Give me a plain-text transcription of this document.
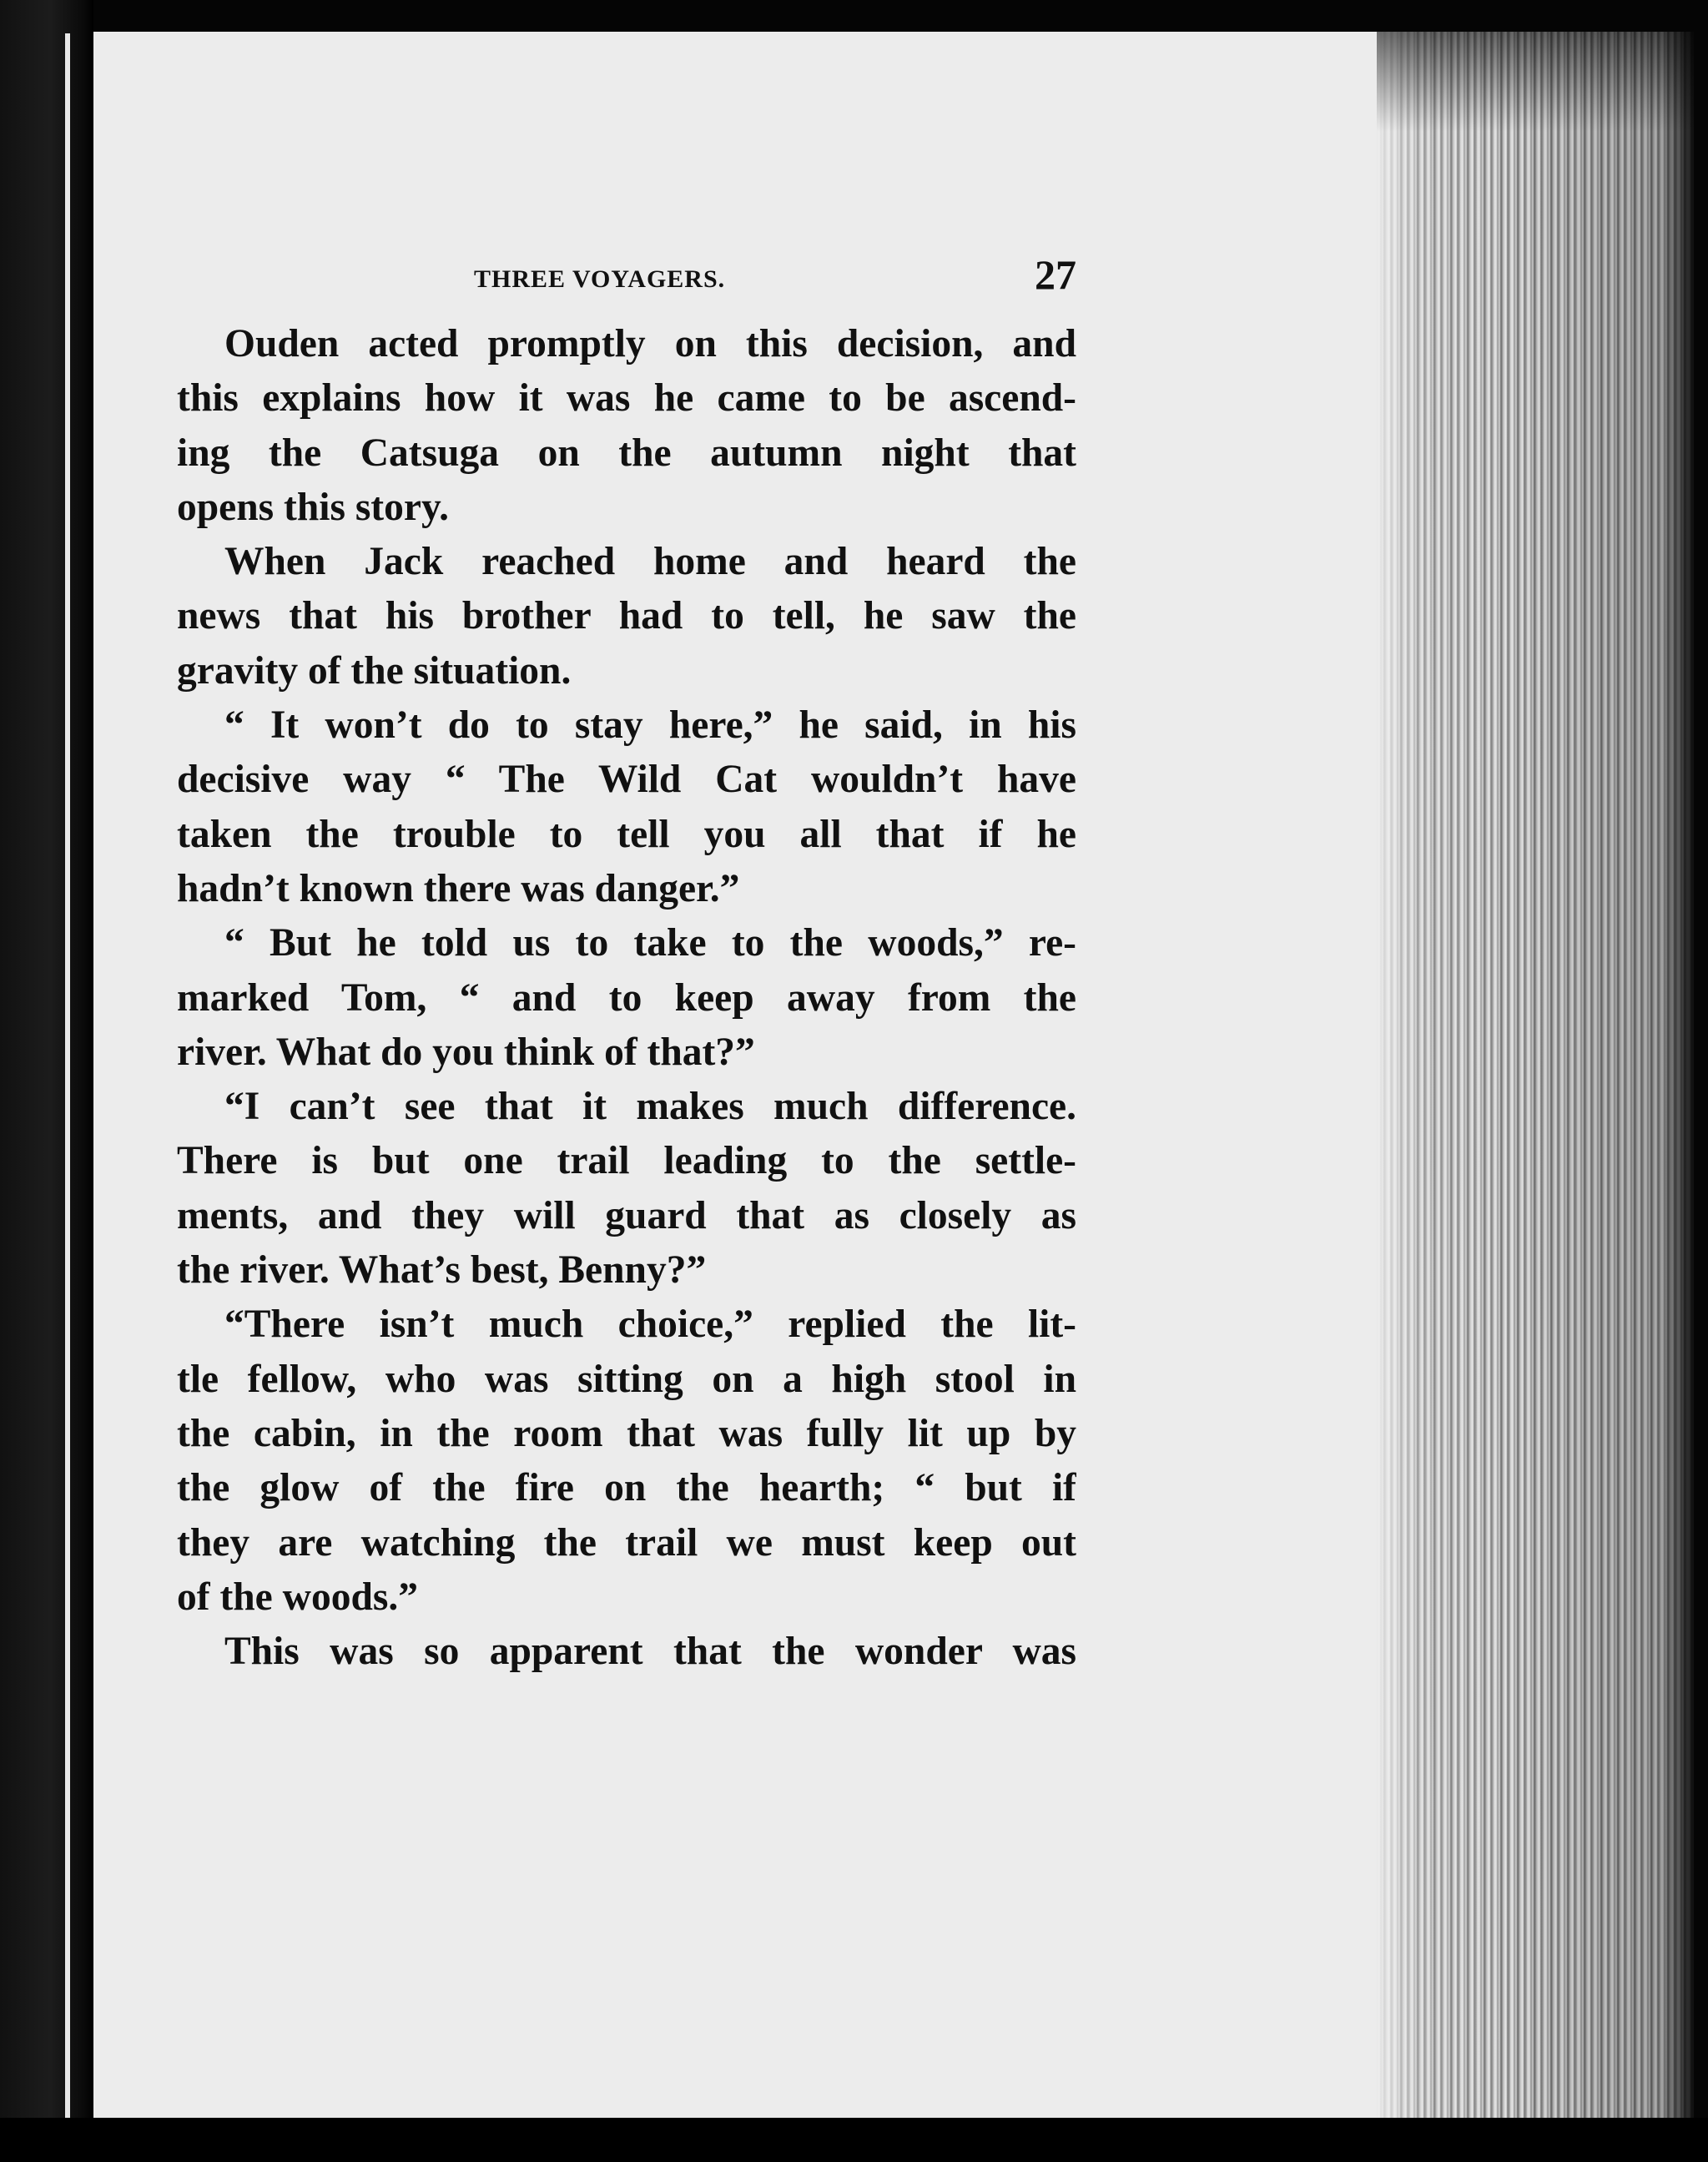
THREE VOYAGERS.	27
Ouden acted promptly on this decision, and
this explains how it was he came to be ascend-
ing the Catsuga on the autumn night that
opens this story.
When Jack reached home and heard the
news that his brother had to tell, he saw the
gravity of the situation.
“ It won’t do to stay here,” he said, in his
decisive way “ The Wild Cat wouldn’t have
taken the trouble to tell you all that if he
hadn’t known there was danger.”
“ But he told us to take to the woods,” re-
marked Tom, “ and to keep away from the
river. What do you think of that?”
“I can’t see that it makes much difference.
There is but one trail leading to the settle-
ments, and they will guard that as closely as
the river. What’s best, Benny?”
“There isn’t much choice,” replied the lit-
tle fellow, who was sitting on a high stool in
the cabin, in the room that was fully lit up by
the glow of the fire on the hearth; “ but if
they are watching the trail we must keep out
of the woods.”
This was so apparent that the wonder was
